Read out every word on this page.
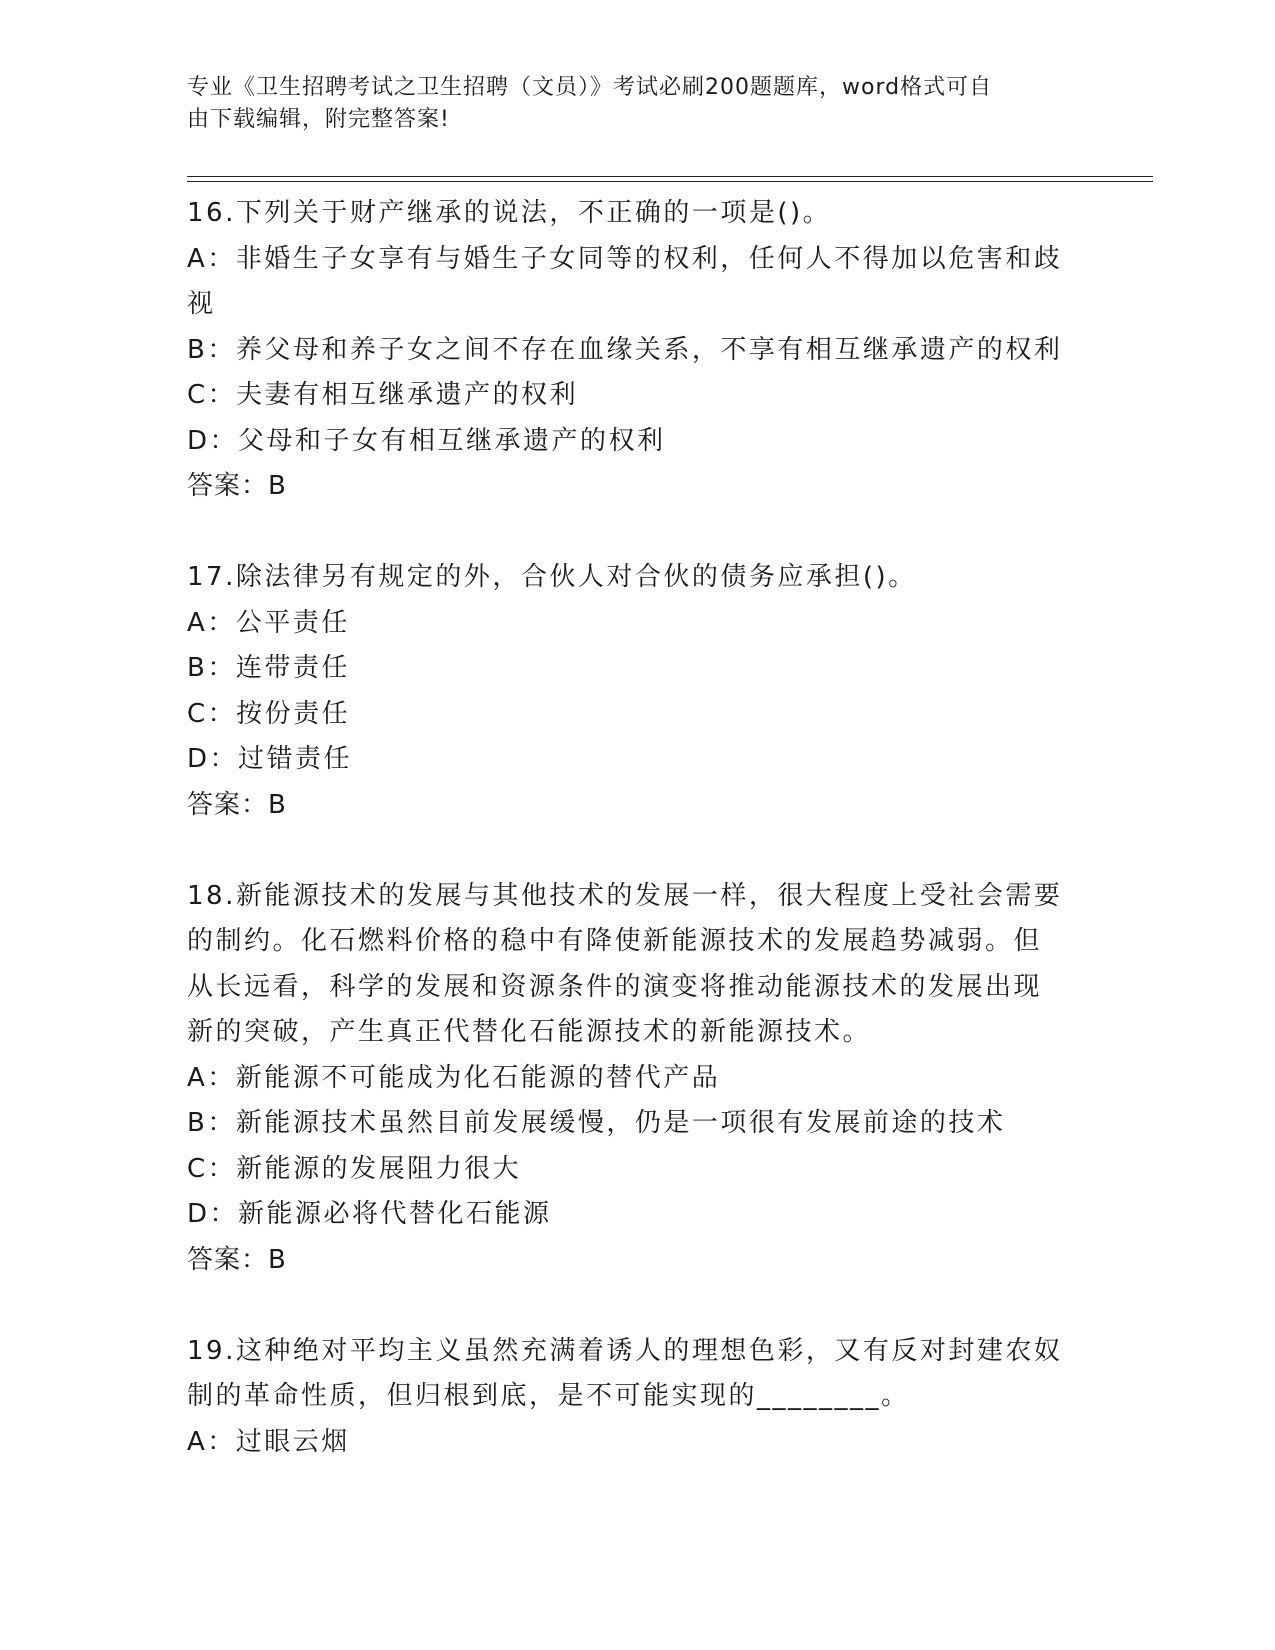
专业《卫生招聘考试之卫生招聘（文员）》考试必刷200题题库，word格式可自
由下载编辑，附完整答案!
16.下列关于财产继承的说法，不正确的一项是()。
A：非婚生子女享有与婚生子女同等的权利，任何人不得加以危害和歧
视
B：养父母和养子女之间不存在血缘关系，不享有相互继承遗产的权利
C：夫妻有相互继承遗产的权利
D：父母和子女有相互继承遗产的权利
答案：B
17.除法律另有规定的外，合伙人对合伙的债务应承担()。
A：公平责任
B：连带责任
C：按份责任
D：过错责任
答案：B
18.新能源技术的发展与其他技术的发展一样，很大程度上受社会需要
的制约。化石燃料价格的稳中有降使新能源技术的发展趋势减弱。但
从长远看，科学的发展和资源条件的演变将推动能源技术的发展出现
新的突破，产生真正代替化石能源技术的新能源技术。
A：新能源不可能成为化石能源的替代产品
B：新能源技术虽然目前发展缓慢，仍是一项很有发展前途的技术
C：新能源的发展阻力很大
D：新能源必将代替化石能源
答案：B
19.这种绝对平均主义虽然充满着诱人的理想色彩，又有反对封建农奴
制的革命性质，但归根到底，是不可能实现的________。
A：过眼云烟
